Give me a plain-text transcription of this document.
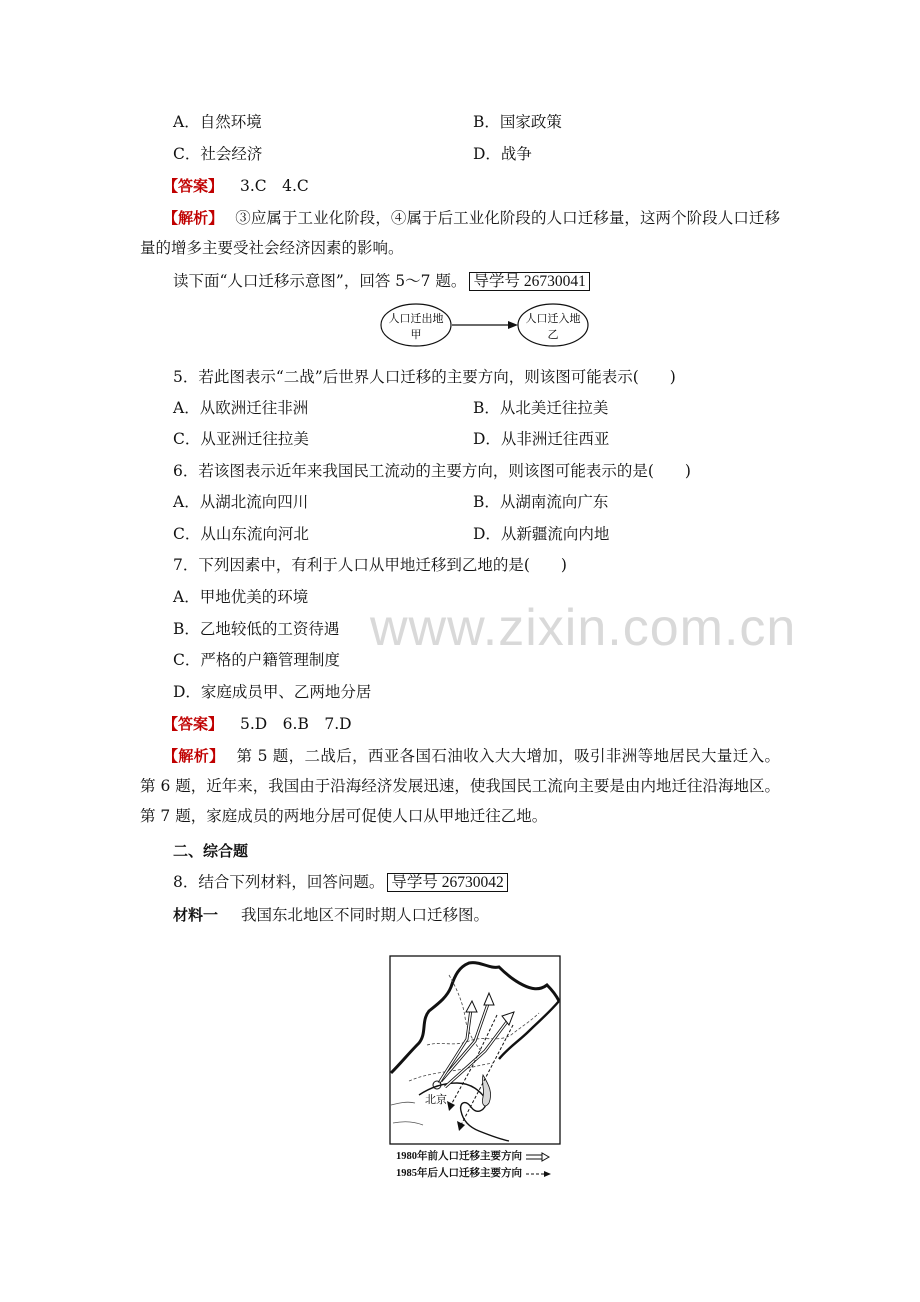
A．自然环境	B．国家政策
C．社会经济	D．战争
【答案】 3.C　4.C
【解析】 ③应属于工业化阶段，④属于后工业化阶段的人口迁移量，这两个阶段人口迁移量的增多主要受社会经济因素的影响。
读下面“人口迁移示意图”，回答 5～7 题。 导学号 26730041
人口迁出地
甲
人口迁入地
乙
5．若此图表示“二战”后世界人口迁移的主要方向，则该图可能表示(　　)
A．从欧洲迁往非洲	B．从北美迁往拉美
C．从亚洲迁往拉美	D．从非洲迁往西亚
6．若该图表示近年来我国民工流动的主要方向，则该图可能表示的是(　　)
A．从湖北流向四川	B．从湖南流向广东
C．从山东流向河北	D．从新疆流向内地
7．下列因素中，有利于人口从甲地迁移到乙地的是(　　)
A．甲地优美的环境
B．乙地较低的工资待遇
C．严格的户籍管理制度
D．家庭成员甲、乙两地分居
www.zixin.com.cn
【答案】 5.D　6.B　7.D
【解析】 第 5 题，二战后，西亚各国石油收入大大增加，吸引非洲等地居民大量迁入。第 6 题，近年来，我国由于沿海经济发展迅速，使我国民工流向主要是由内地迁往沿海地区。第 7 题，家庭成员的两地分居可促使人口从甲地迁往乙地。
二、综合题
8．结合下列材料，回答问题。 导学号 26730042
材料一 我国东北地区不同时期人口迁移图。
北京
1980年前人口迁移主要方向
1985年后人口迁移主要方向
